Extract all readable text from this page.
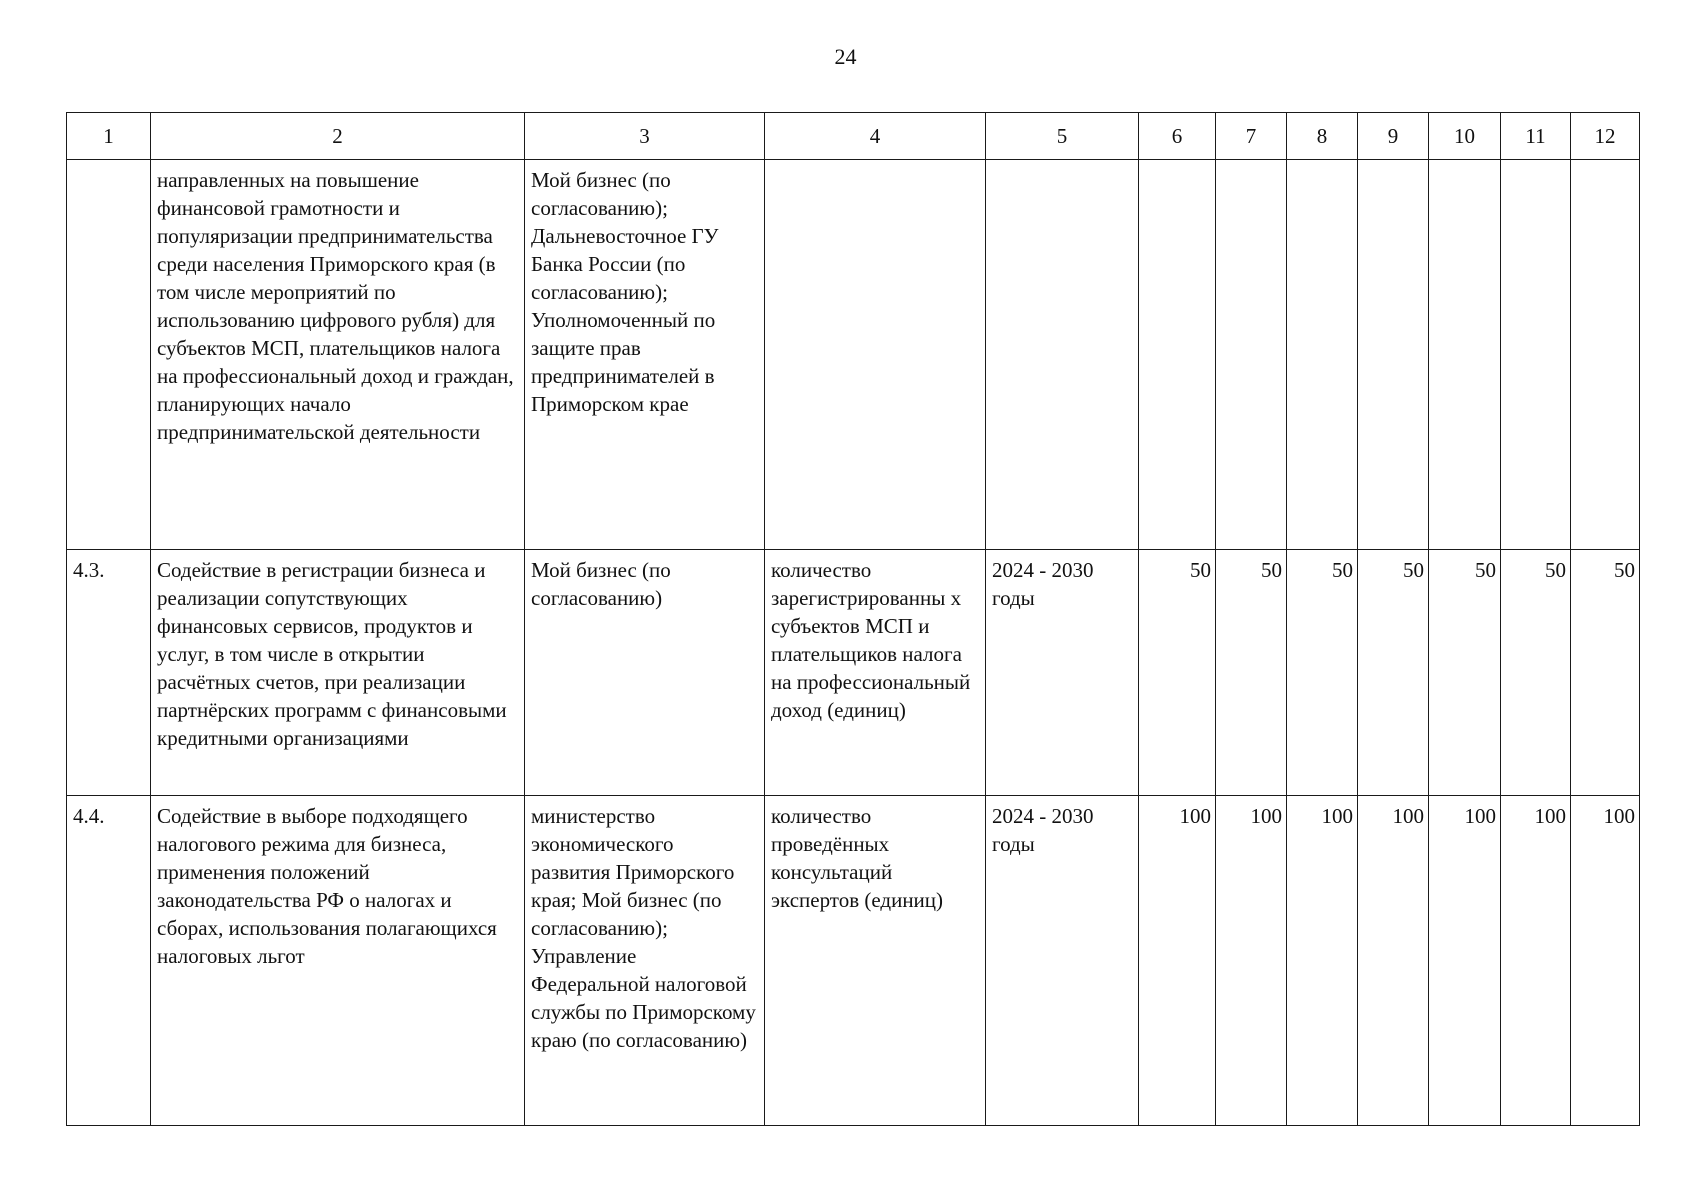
24
1	2	3	4	5	6	7	8	9	10	11	12
	направленных на повышение финансовой грамотности и популяризации предпринимательства среди населения Приморского края (в том числе мероприятий по использованию цифрового рубля) для субъектов МСП, плательщиков налога на профессиональный доход и граждан, планирующих начало предпринимательской деятельности	Мой бизнес (по согласованию); Дальневосточное ГУ Банка России (по согласованию); Уполномоченный по защите прав предпринимателей в Приморском крае									
4.3.	Содействие в регистрации бизнеса и реализации сопутствующих финансовых сервисов, продуктов и услуг, в том числе в открытии расчётных счетов, при реализации партнёрских программ с финансовыми кредитными организациями	Мой бизнес (по согласованию)	количество зарегистрированны х субъектов МСП и плательщиков налога на профессиональный доход (единиц)	2024 - 2030 годы	50	50	50	50	50	50	50
4.4.	Содействие в выборе подходящего налогового режима для бизнеса, применения положений законодательства РФ о налогах и сборах, использования полагающихся налоговых льгот	министерство экономического развития Приморского края; Мой бизнес (по согласованию); Управление Федеральной налоговой службы по Приморскому краю (по согласованию)	количество проведённых консультаций экспертов (единиц)	2024 - 2030 годы	100	100	100	100	100	100	100
